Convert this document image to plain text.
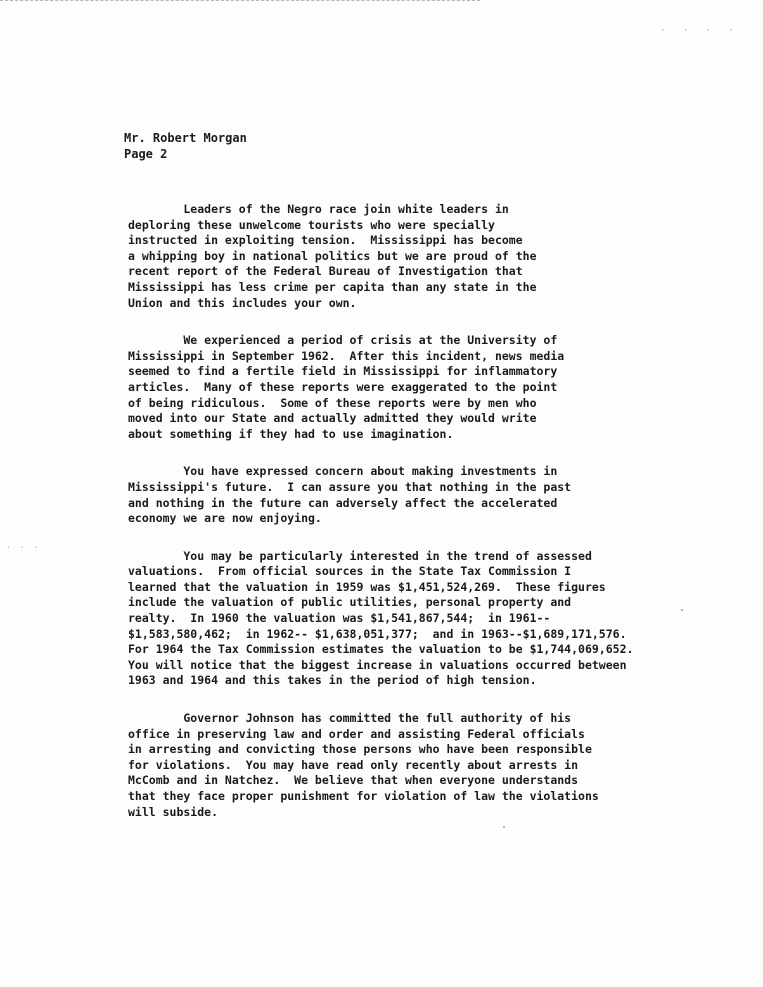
· · · ·
· · ·
Mr. Robert Morgan
Page 2
Leaders of the Negro race join white leaders in
deploring these unwelcome tourists who were specially
instructed in exploiting tension.  Mississippi has become
a whipping boy in national politics but we are proud of the
recent report of the Federal Bureau of Investigation that
Mississippi has less crime per capita than any state in the
Union and this includes your own.
We experienced a period of crisis at the University of
Mississippi in September 1962.  After this incident, news media
seemed to find a fertile field in Mississippi for inflammatory
articles.  Many of these reports were exaggerated to the point
of being ridiculous.  Some of these reports were by men who
moved into our State and actually admitted they would write
about something if they had to use imagination.
You have expressed concern about making investments in
Mississippi's future.  I can assure you that nothing in the past
and nothing in the future can adversely affect the accelerated
economy we are now enjoying.
You may be particularly interested in the trend of assessed
valuations.  From official sources in the State Tax Commission I
learned that the valuation in 1959 was $1,451,524,269.  These figures
include the valuation of public utilities, personal property and
realty.  In 1960 the valuation was $1,541,867,544;  in 1961--
$1,583,580,462;  in 1962-- $1,638,051,377;  and in 1963--$1,689,171,576.
For 1964 the Tax Commission estimates the valuation to be $1,744,069,652.
You will notice that the biggest increase in valuations occurred between
1963 and 1964 and this takes in the period of high tension.
Governor Johnson has committed the full authority of his
office in preserving law and order and assisting Federal officials
in arresting and convicting those persons who have been responsible
for violations.  You may have read only recently about arrests in
McComb and in Natchez.  We believe that when everyone understands
that they face proper punishment for violation of law the violations
will subside.
